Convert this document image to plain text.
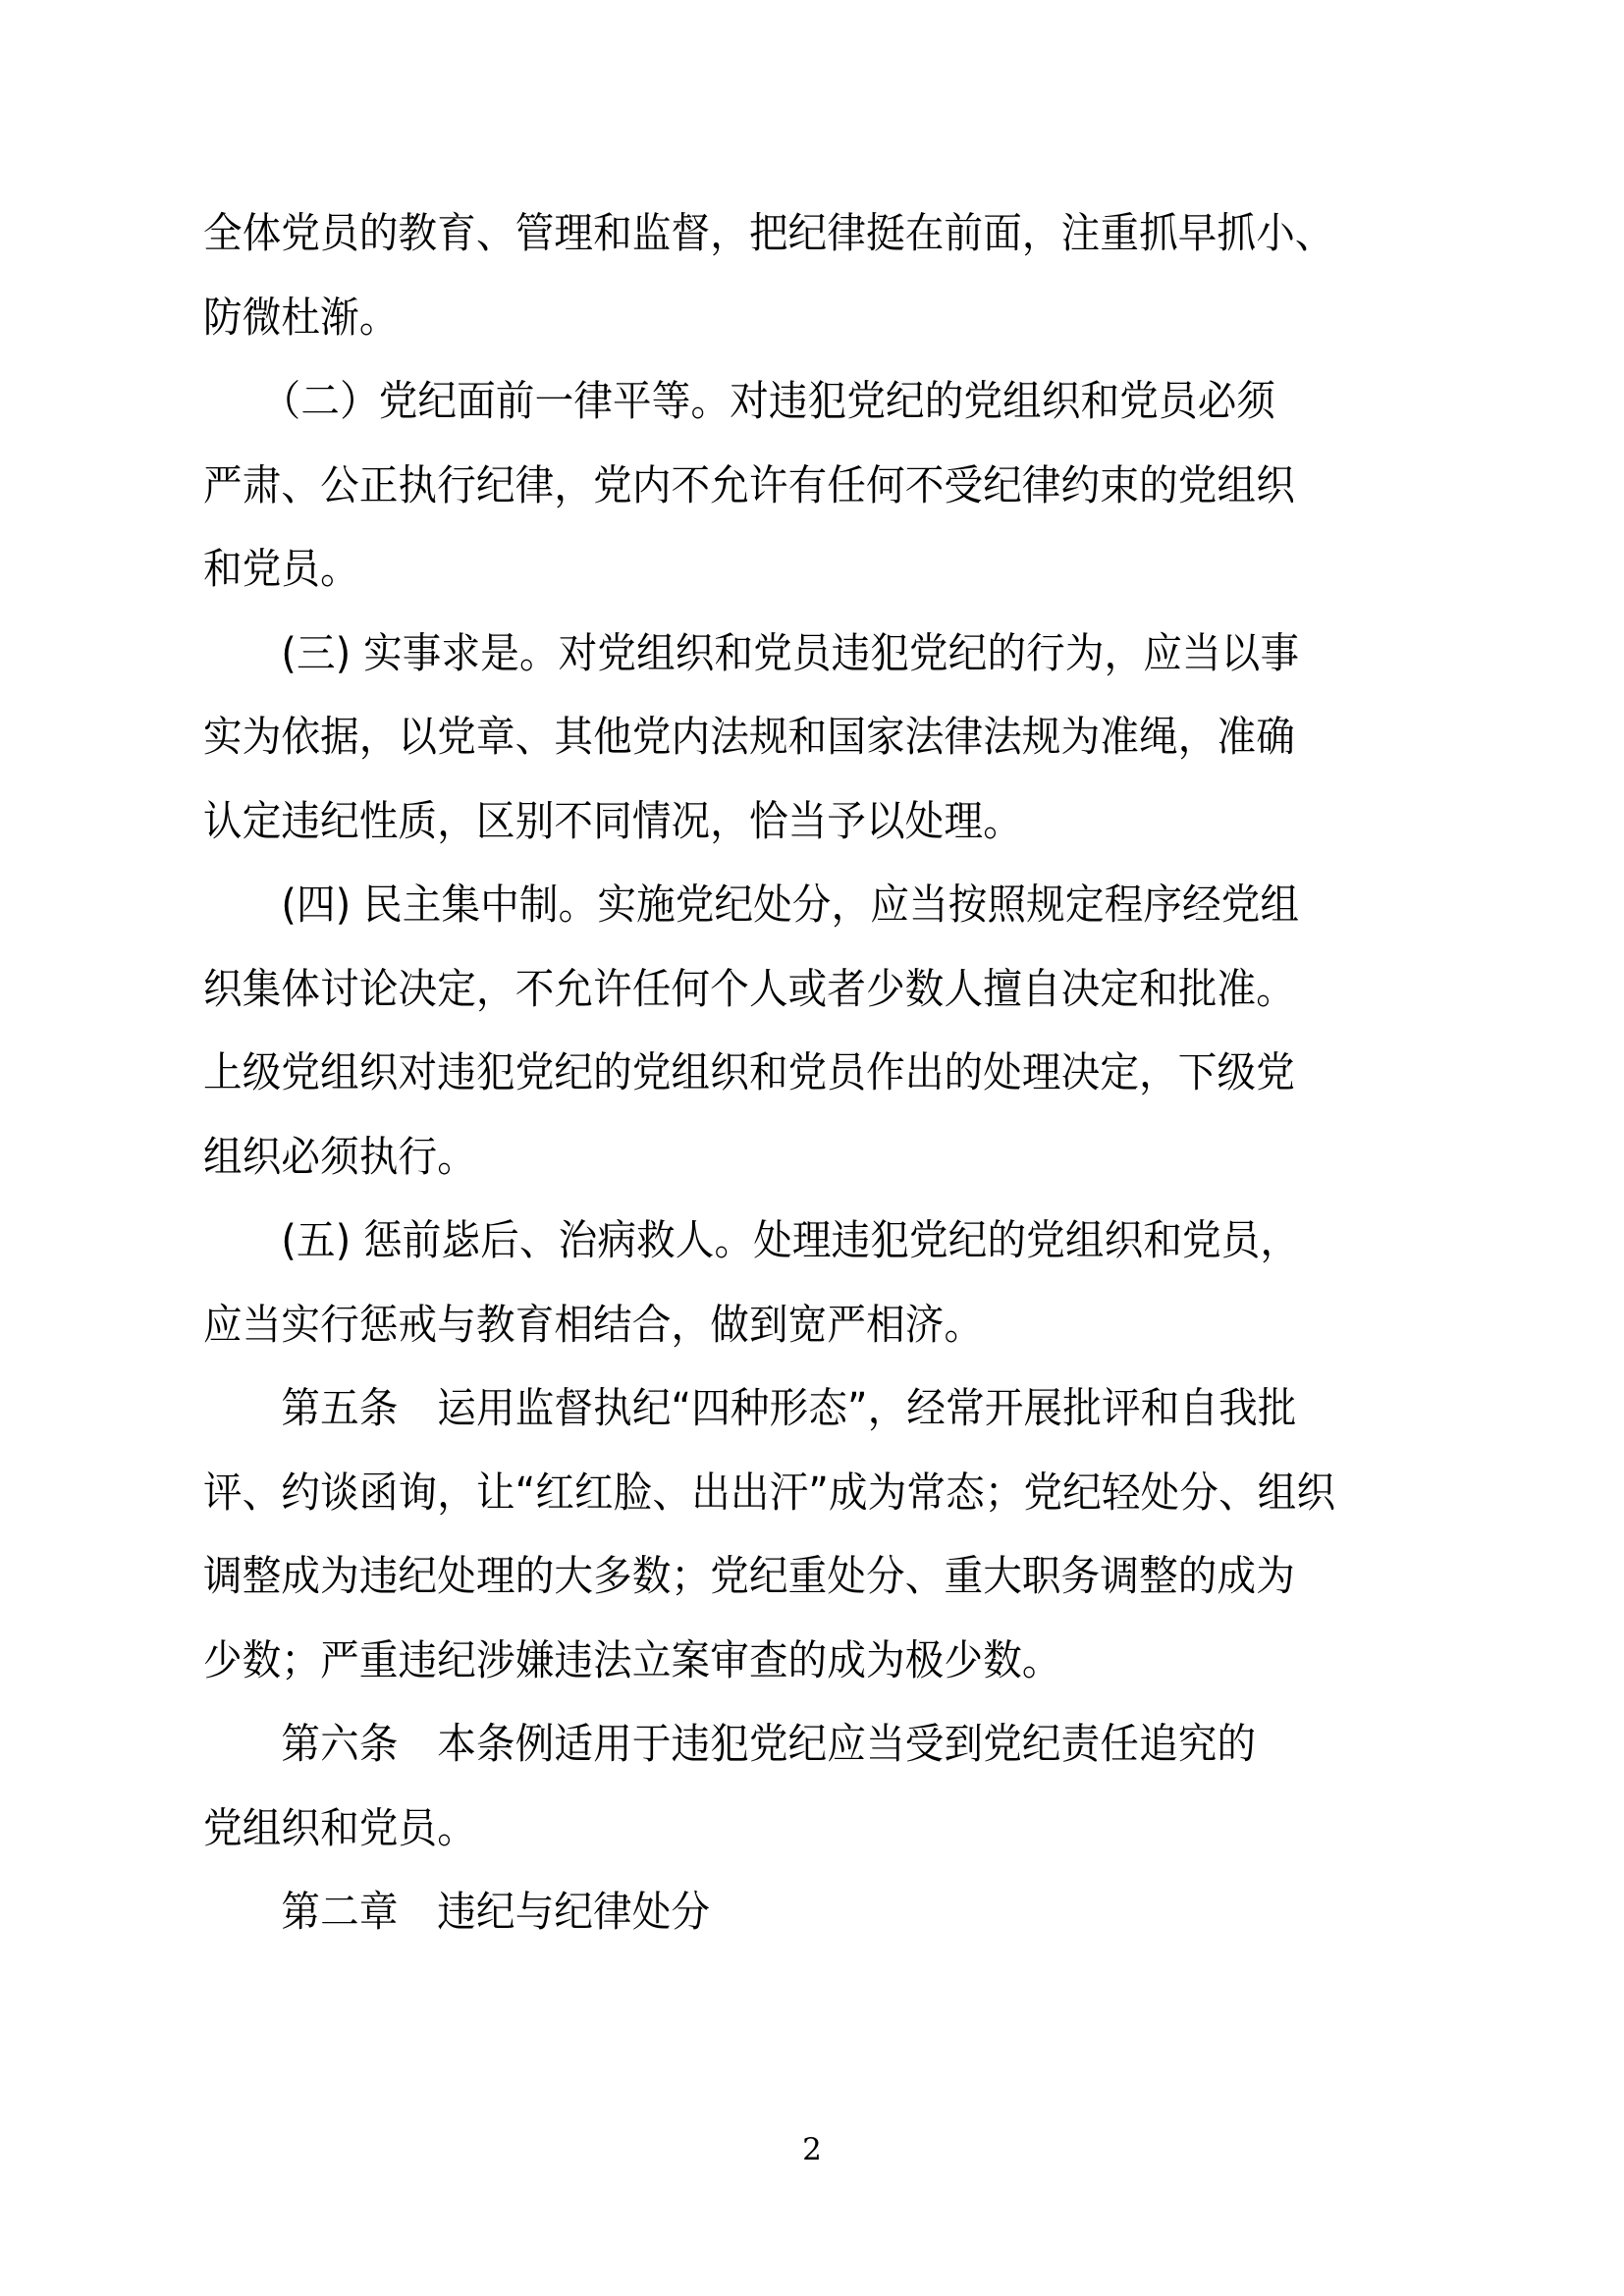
全体党员的教育、管理和监督，把纪律挺在前面，注重抓早抓小、
防微杜渐。
　　（二）党纪面前一律平等。对违犯党纪的党组织和党员必须
严肃、公正执行纪律，党内不允许有任何不受纪律约束的党组织
和党员。
　　(三) 实事求是。对党组织和党员违犯党纪的行为，应当以事
实为依据，以党章、其他党内法规和国家法律法规为准绳，准确
认定违纪性质，区别不同情况，恰当予以处理。
　　(四) 民主集中制。实施党纪处分，应当按照规定程序经党组
织集体讨论决定，不允许任何个人或者少数人擅自决定和批准。
上级党组织对违犯党纪的党组织和党员作出的处理决定，下级党
组织必须执行。
　　(五) 惩前毖后、治病救人。处理违犯党纪的党组织和党员，
应当实行惩戒与教育相结合，做到宽严相济。
　　第五条　运用监督执纪“四种形态”，经常开展批评和自我批
评、约谈函询，让“红红脸、出出汗”成为常态；党纪轻处分、组织
调整成为违纪处理的大多数；党纪重处分、重大职务调整的成为
少数；严重违纪涉嫌违法立案审查的成为极少数。
　　第六条　本条例适用于违犯党纪应当受到党纪责任追究的
党组织和党员。
　　第二章　违纪与纪律处分
2
